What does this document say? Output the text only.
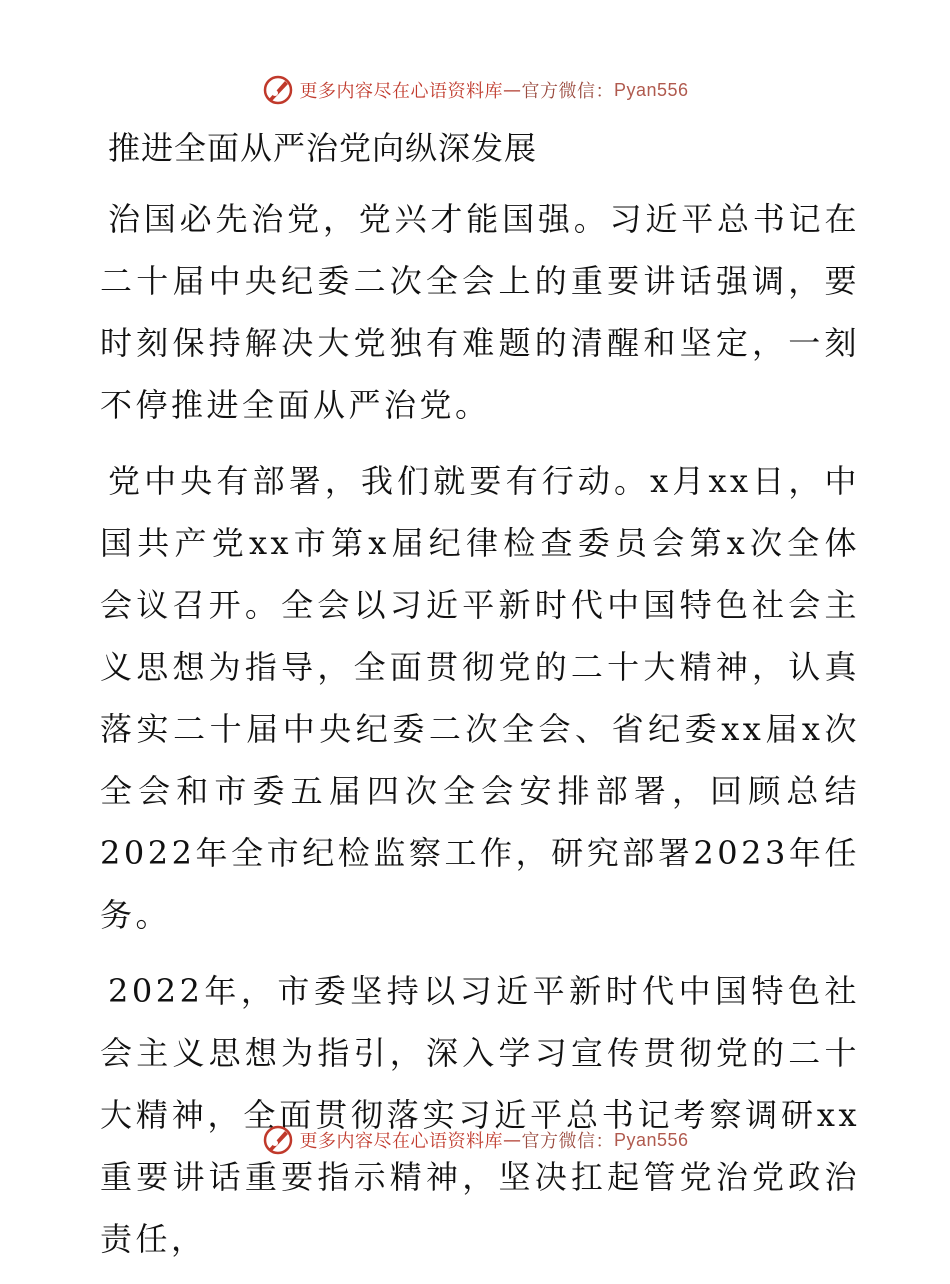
更多内容尽在心语资料库 — 官方微信： Pyan556
推进全面从严治党向纵深发展

治国必先治党，党兴才能国强。习近平总书记在二十届中央纪委二次全会上的重要讲话强调，要时刻保持解决大党独有难题的清醒和坚定，一刻不停推进全面从严治党。

党中央有部署，我们就要有行动。x月xx日，中国共产党xx市第x届纪律检查委员会第x次全体会议召开。全会以习近平新时代中国特色社会主义思想为指导，全面贯彻党的二十大精神，认真落实二十届中央纪委二次全会、省纪委xx届x次全会和市委五届四次全会安排部署，回顾总结2022年全市纪检监察工作，研究部署2023年任务。

2022年，市委坚持以习近平新时代中国特色社会主义思想为指引，深入学习宣传贯彻党的二十大精神，全面贯彻落实习近平总书记考察调研xx重要讲话重要指示精神，坚决扛起管党治党政治责任，

更多内容尽在心语资料库 — 官方微信： Pyan556
